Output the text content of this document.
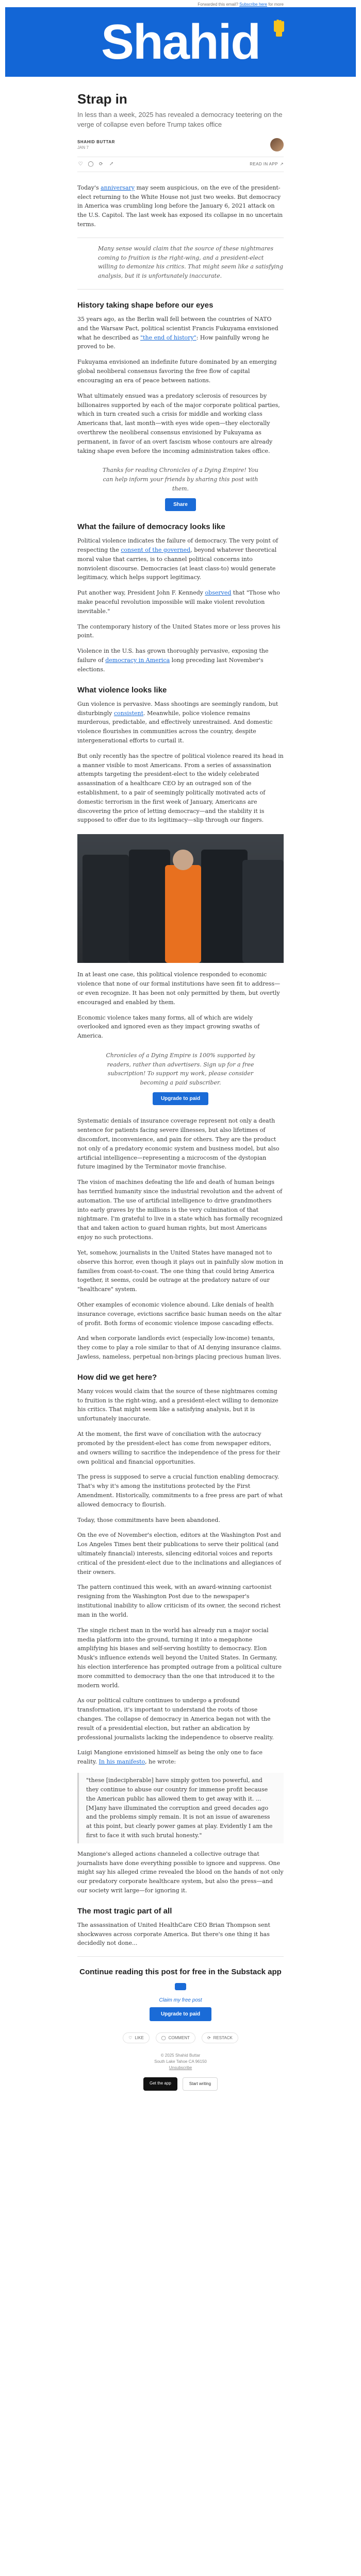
Forwarded this email? Subscribe here for more
Shahid
Strap in
In less than a week, 2025 has revealed a democracy teetering on the verge of collapse even before Trump takes office
SHAHID BUTTAR
JAN 7
♡ ◯ ⟳ ↗	READ IN APP ↗

Today's anniversary may seem auspicious, on the eve of the president-elect returning to the White House not just two weeks. But democracy in America was crumbling long before the January 6, 2021 attack on the U.S. Capitol. The last week has exposed its collapse in no uncertain terms.

Many sense would claim that the source of these nightmares coming to fruition is the right-wing, and a president-elect willing to demonize his critics. That might seem like a satisfying analysis, but it is unfortunately inaccurate.

History taking shape before our eyes

35 years ago, as the Berlin wall fell between the countries of NATO and the Warsaw Pact, political scientist Francis Fukuyama envisioned what he described as "the end of history": How painfully wrong he proved to be.

Fukuyama envisioned an indefinite future dominated by an emerging global neoliberal consensus favoring the free flow of capital encouraging an era of peace between nations.

What ultimately ensued was a predatory sclerosis of resources by billionaires supported by each of the major corporate political parties, which in turn created such a crisis for middle and working class Americans that, last month—with eyes wide open—they electorally overthrew the neoliberal consensus envisioned by Fukuyama as permanent, in favor of an overt fascism whose contours are already taking shape even before the incoming administration takes office.

Thanks for reading Chronicles of a Dying Empire! You can help inform your friends by sharing this post with them.
Share
What the failure of democracy looks like

Political violence indicates the failure of democracy. The very point of respecting the consent of the governed, beyond whatever theoretical moral value that carries, is to channel political concerns into nonviolent discourse. Democracies (at least class-to) would generate legitimacy, which helps support legitimacy.

Put another way, President John F. Kennedy observed that "Those who make peaceful revolution impossible will make violent revolution inevitable."

The contemporary history of the United States more or less proves his point.

Violence in the U.S. has grown thoroughly pervasive, exposing the failure of democracy in America long preceding last November's elections.

What violence looks like

Gun violence is pervasive. Mass shootings are seemingly random, but disturbingly consistent. Meanwhile, police violence remains murderous, predictable, and effectively unrestrained. And domestic violence flourishes in communities across the country, despite intergenerational efforts to curtail it.

But only recently has the spectre of political violence reared its head in a manner visible to most Americans. From a series of assassination attempts targeting the president-elect to the widely celebrated assassination of a healthcare CEO by an outraged son of the establishment, to a pair of seemingly politically motivated acts of domestic terrorism in the first week of January, Americans are discovering the price of letting democracy—and the stability it is supposed to offer due to its legitimacy—slip through our fingers.

In at least one case, this political violence responded to economic violence that none of our formal institutions have seen fit to address—or even recognize. It has been not only permitted by them, but overtly encouraged and enabled by them.

Economic violence takes many forms, all of which are widely overlooked and ignored even as they impact growing swaths of America.

Chronicles of a Dying Empire is 100% supported by readers, rather than advertisers. Sign up for a free subscription! To support my work, please consider becoming a paid subscriber.
Upgrade to paid

Systematic denials of insurance coverage represent not only a death sentence for patients facing severe illnesses, but also lifetimes of discomfort, inconvenience, and pain for others. They are the product not only of a predatory economic system and business model, but also artificial intelligence—representing a microcosm of the dystopian future imagined by the Terminator movie franchise.

The vision of machines defeating the life and death of human beings has terrified humanity since the industrial revolution and the advent of automation. The use of artificial intelligence to drive grandmothers into early graves by the millions is the very culmination of that nightmare. I'm grateful to live in a state which has formally recognized that and taken action to guard human rights, but most Americans enjoy no such protections.

Yet, somehow, journalists in the United States have managed not to observe this horror, even though it plays out in painfully slow motion in families from coast-to-coast. The one thing that could bring America together, it seems, could be outrage at the predatory nature of our "healthcare" system.

Other examples of economic violence abound. Like denials of health insurance coverage, evictions sacrifice basic human needs on the altar of profit. Both forms of economic violence impose cascading effects.

And when corporate landlords evict (especially low-income) tenants, they come to play a role similar to that of AI denying insurance claims. Jawless, nameless, perpetual non-brings placing precious human lives.

How did we get here?

Many voices would claim that the source of these nightmares coming to fruition is the right-wing, and a president-elect willing to demonize his critics. That might seem like a satisfying analysis, but it is unfortunately inaccurate.

At the moment, the first wave of conciliation with the autocracy promoted by the president-elect has come from newspaper editors, and owners willing to sacrifice the independence of the press for their own political and financial opportunities.

The press is supposed to serve a crucial function enabling democracy. That's why it's among the institutions protected by the First Amendment. Historically, commitments to a free press are part of what allowed democracy to flourish.

Today, those commitments have been abandoned.

On the eve of November's election, editors at the Washington Post and Los Angeles Times bent their publications to serve their political (and ultimately financial) interests, silencing editorial voices and reports critical of the president-elect due to the inclinations and allegiances of their owners.

The pattern continued this week, with an award-winning cartoonist resigning from the Washington Post due to the newspaper's institutional inability to allow criticism of its owner, the second richest man in the world.

The single richest man in the world has already run a major social media platform into the ground, turning it into a megaphone amplifying his biases and self-serving hostility to democracy. Elon Musk's influence extends well beyond the United States. In Germany, his election interference has prompted outrage from a political culture more committed to democracy than the one that introduced it to the modern world.

As our political culture continues to undergo a profound transformation, it's important to understand the roots of those changes. The collapse of democracy in America began not with the result of a presidential election, but rather an abdication by professional journalists lacking the independence to observe reality.

Luigi Mangione envisioned himself as being the only one to face reality. In his manifesto, he wrote:

"these [indecipherable] have simply gotten too powerful, and they continue to abuse our country for immense profit because the American public has allowed them to get away with it. ... [M]any have illuminated the corruption and greed decades ago and the problems simply remain. It is not an issue of awareness at this point, but clearly power games at play. Evidently I am the first to face it with such brutal honesty."

Mangione's alleged actions channeled a collective outrage that journalists have done everything possible to ignore and suppress. One might say his alleged crime revealed the blood on the hands of not only our predatory corporate healthcare system, but also the press—and our society writ large—for ignoring it.

The most tragic part of all

The assassination of United HealthCare CEO Brian Thompson sent shockwaves across corporate America. But there's one thing it has decidedly not done...

Continue reading this post for free in the Substack app
Claim my free post
Upgrade to paid
♡ LIKE	◯ COMMENT	⟳ RESTACK
© 2025 Shahid Buttar
South Lake Tahoe CA 96150
Unsubscribe
Get the app	Start writing
